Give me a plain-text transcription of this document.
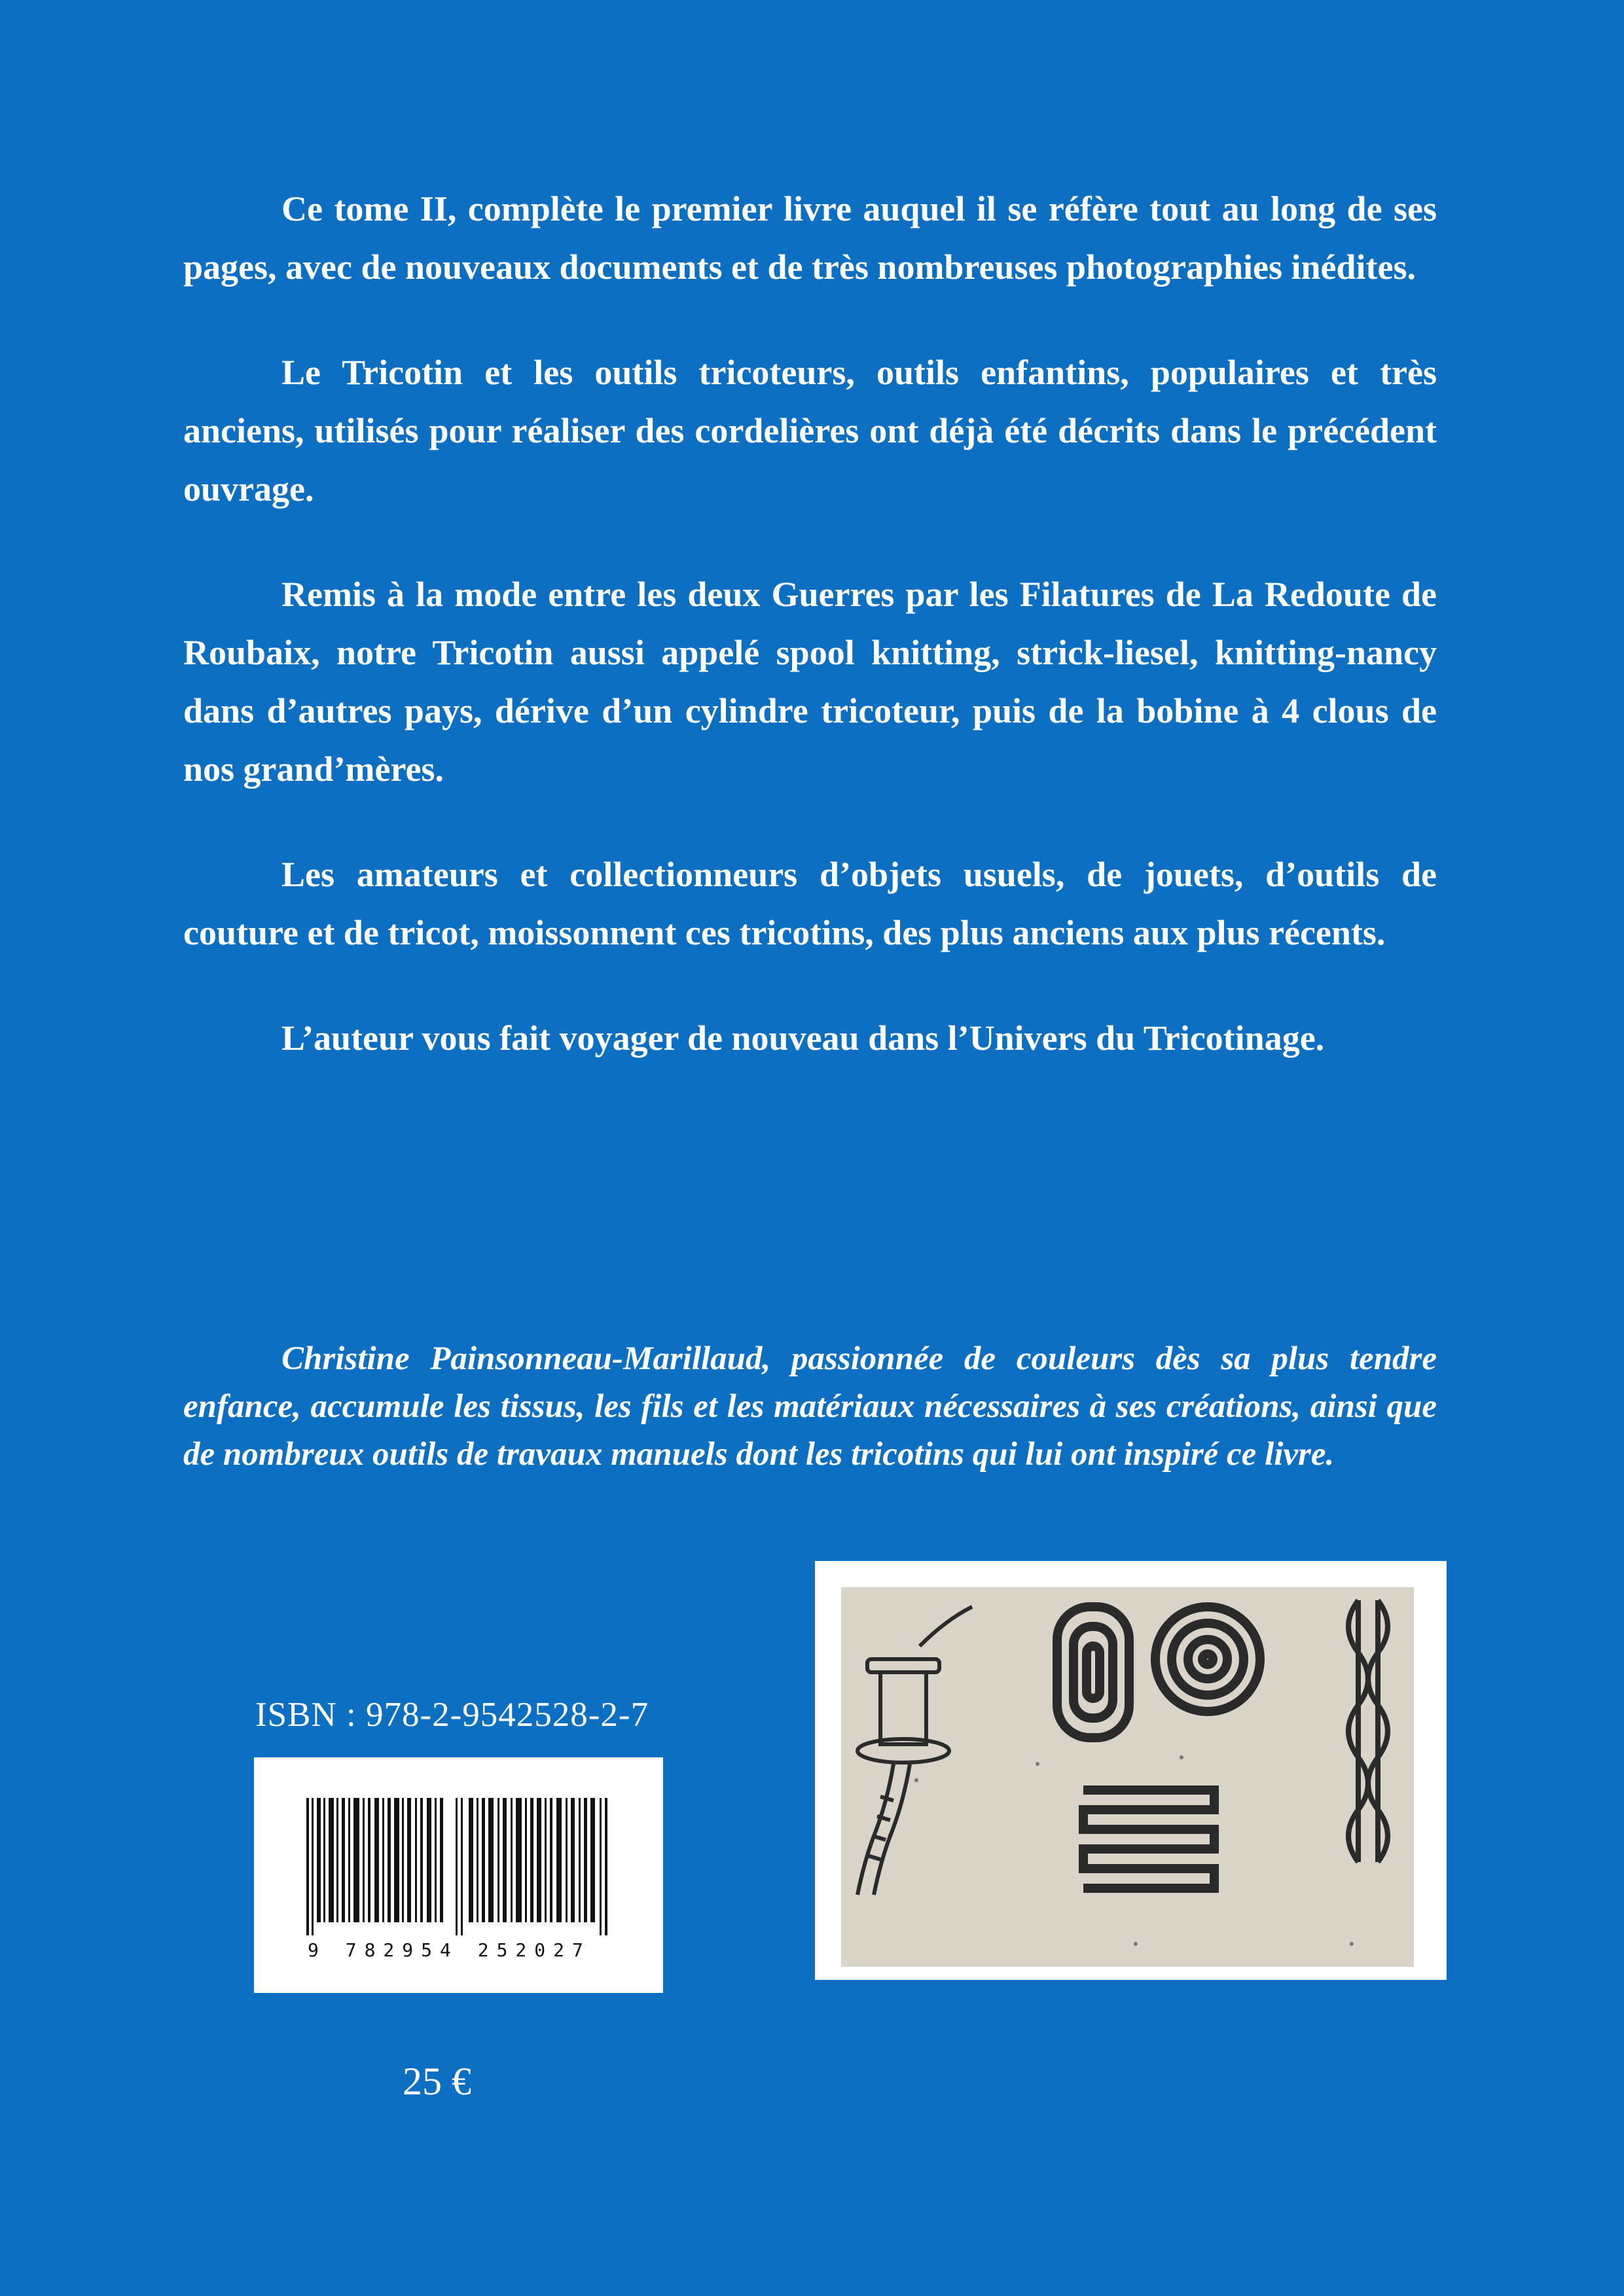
Ce tome II, complète le premier livre auquel il se réfère tout au long de ses pages, avec de nouveaux documents et de très nombreuses photographies inédites.

Le Tricotin et les outils tricoteurs, outils enfantins, populaires et très anciens, utilisés pour réaliser des cordelières ont déjà été décrits dans le précédent ouvrage.

Remis à la mode entre les deux Guerres par les Filatures de La Redoute de Roubaix, notre Tricotin aussi appelé spool knitting, strick-liesel, knitting-nancy dans d’autres pays, dérive d’un cylindre tricoteur, puis de la bobine à 4 clous de nos grand’mères.

Les amateurs et collectionneurs d’objets usuels, de jouets, d’outils de couture et de tricot, moissonnent ces tricotins, des plus anciens aux plus récents.

L’auteur vous fait voyager de nouveau dans l’Univers du Tricotinage.

Christine Painsonneau-Marillaud, passionnée de couleurs dès sa plus tendre enfance, accumule les tissus, les fils et les matériaux nécessaires à ses créations, ainsi que de nombreux outils de travaux manuels dont les tricotins qui lui ont inspiré ce livre.

ISBN : 978-2-9542528-2-7
9 782954 252027
25 €
